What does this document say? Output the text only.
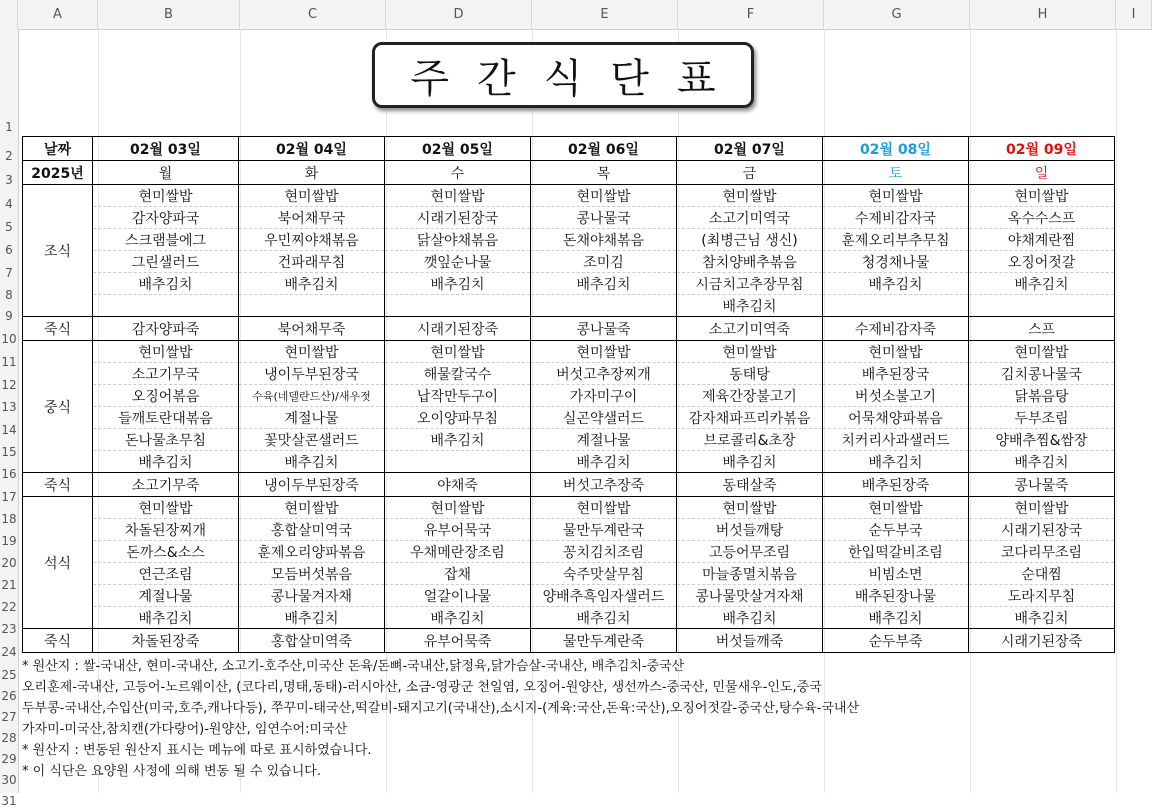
A	B	C	D	E	F	G	H	I
1
2
3
4
5
6
7
8
9
10
11
12
13
14
15
16
17
18
19
20
21
22
23
24
25
26
27
28
29
30
31
주간식단표
날짜	02월 03일	02월 04일	02월 05일	02월 06일	02월 07일	02월 08일	02월 09일
2025년	월	화	수	목	금	토	일
조식	현미쌀밥	현미쌀밥	현미쌀밥	현미쌀밥	현미쌀밥	현미쌀밥	현미쌀밥
	감자양파국	북어채무국	시래기된장국	콩나물국	소고기미역국	수제비감자국	옥수수스프
	스크램블에그	우민찌야채볶음	닭살야채볶음	돈채야채볶음	(최병근님 생신)	훈제오리부추무침	야채계란찜
	그린샐러드	건파래무침	깻잎순나물	조미김	참치양배추볶음	청경채나물	오징어젓갈
	배추김치	배추김치	배추김치	배추김치	시금치고추장무침	배추김치	배추김치
					배추김치		
죽식	감자양파죽	북어채무죽	시래기된장죽	콩나물죽	소고기미역죽	수제비감자죽	스프
중식	현미쌀밥	현미쌀밥	현미쌀밥	현미쌀밥	현미쌀밥	현미쌀밥	현미쌀밥
	소고기무국	냉이두부된장국	해물칼국수	버섯고추장찌개	동태탕	배추된장국	김치콩나물국
	오징어볶음	수육(네델란드산)/새우젓	납작만두구이	가자미구이	제육간장불고기	버섯소불고기	닭볶음탕
	들깨토란대볶음	계절나물	오이양파무침	실곤약샐러드	감자채파프리카볶음	어묵채양파볶음	두부조림
	돈나물초무침	꽃맛살콘샐러드	배추김치	계절나물	브로콜리&초장	치커리사과샐러드	양배추찜&쌈장
	배추김치	배추김치		배추김치	배추김치	배추김치	배추김치
죽식	소고기무죽	냉이두부된장죽	야채죽	버섯고추장죽	동태살죽	배추된장죽	콩나물죽
석식	현미쌀밥	현미쌀밥	현미쌀밥	현미쌀밥	현미쌀밥	현미쌀밥	현미쌀밥
	차돌된장찌개	홍합살미역국	유부어묵국	물만두계란국	버섯들깨탕	순두부국	시래기된장국
	돈까스&소스	훈제오리양파볶음	우채메란장조림	꽁치김치조림	고등어무조림	한입떡갈비조림	코다리무조림
	연근조림	모듬버섯볶음	잡채	숙주맛살무침	마늘종멸치볶음	비빔소면	순대찜
	계절나물	콩나물겨자채	얼갈이나물	양배추흑임자샐러드	콩나물맛살겨자채	배추된장나물	도라지무침
	배추김치	배추김치	배추김치	배추김치	배추김치	배추김치	배추김치
죽식	차돌된장죽	홍합살미역죽	유부어묵죽	물만두계란죽	버섯들깨죽	순두부죽	시래기된장죽
* 원산지 : 쌀-국내산, 현미-국내산, 소고기-호주산,미국산 돈육/돈뼈-국내산,닭정육,닭가슴살-국내산, 배추김치-중국산
오리훈제-국내산, 고등어-노르웨이산, (코다리,명태,동태)-러시아산, 소금-영광군 천일염, 오징어-원양산, 생선까스-중국산, 민물새우-인도,중국
두부콩-국내산,수입산(미국,호주,캐나다등), 쭈꾸미-태국산,떡갈비-돼지고기(국내산),소시지-(계육:국산,돈육:국산),오징어젓갈-중국산,탕수육-국내산
가자미-미국산,참치캔(가다랑어)-원양산, 임연수어:미국산
* 원산지 : 변동된 원산지 표시는 메뉴에 따로 표시하였습니다.
* 이 식단은 요양원 사정에 의해 변동 될 수 있습니다.
